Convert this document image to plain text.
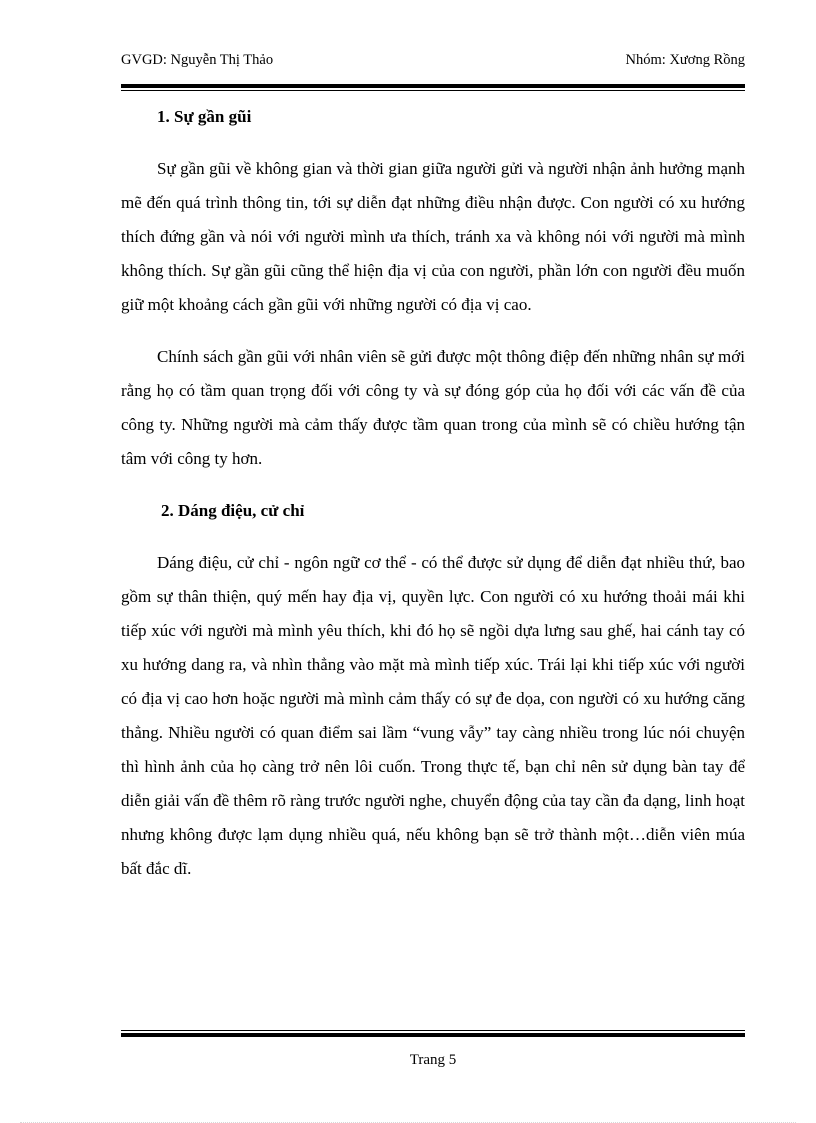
GVGD: Nguyễn Thị Thảo	Nhóm: Xương Rồng
1. Sự gần gũi

Sự gần gũi về không gian và thời gian giữa người gửi và người nhận ảnh hưởng mạnh mẽ đến quá trình thông tin, tới sự diễn đạt những điều nhận được. Con người có xu hướng thích đứng gần và nói với người mình ưa thích, tránh xa và không nói với người mà mình không thích. Sự gần gũi cũng thể hiện địa vị của con người, phần lớn con người đều muốn giữ một khoảng cách gần gũi với những người có địa vị cao.

Chính sách gần gũi với nhân viên sẽ gửi được một thông điệp đến những nhân sự mới rằng họ có tầm quan trọng đối với công ty và sự đóng góp của họ đối với các vấn đề của công ty. Những người mà cảm thấy được tầm quan trong của mình sẽ có chiều hướng tận tâm với công ty hơn.

2. Dáng điệu, cử chỉ

Dáng điệu, cử chỉ - ngôn ngữ cơ thể - có thể được sử dụng để diễn đạt nhiều thứ, bao gồm sự thân thiện, quý mến hay địa vị, quyền lực. Con người có xu hướng thoải mái khi tiếp xúc với người mà mình yêu thích, khi đó họ sẽ ngồi dựa lưng sau ghế, hai cánh tay có xu hướng dang ra, và nhìn thẳng vào mặt mà mình tiếp xúc. Trái lại khi tiếp xúc với người có địa vị cao hơn hoặc người mà mình cảm thấy có sự đe dọa, con người có xu hướng căng thẳng. Nhiều người có quan điểm sai lầm “vung vẫy” tay càng nhiều trong lúc nói chuyện thì hình ảnh của họ càng trở nên lôi cuốn. Trong thực tế, bạn chỉ nên sử dụng bàn tay để diễn giải vấn đề thêm rõ ràng trước người nghe, chuyển động của tay cần đa dạng, linh hoạt nhưng không được lạm dụng nhiều quá, nếu không bạn sẽ trở thành một…diễn viên múa bất đắc dĩ.

Trang 5
